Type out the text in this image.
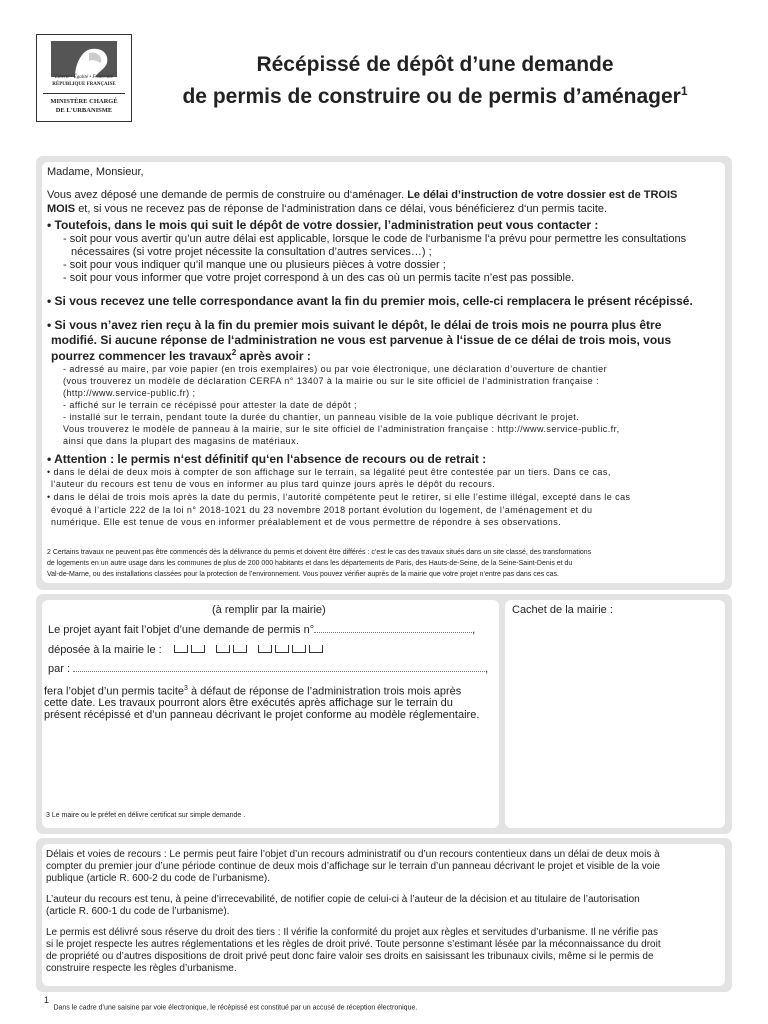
Liberté • Égalité • Fraternité
RÉPUBLIQUE FRANÇAISE
MINISTÈRE CHARGÉ
DE L'URBANISME
Récépissé de dépôt d’une demande
de permis de construire ou de permis d’aménager$^1$
Madame, Monsieur,
Vous avez déposé une demande de permis de construire ou d‘aménager. Le délai d’instruction de votre dossier est de TROIS
MOIS et, si vous ne recevez pas de réponse de l‘administration dans ce délai, vous bénéficierez d‘un permis tacite.
• Toutefois, dans le mois qui suit le dépôt de votre dossier, l’administration peut vous contacter :
- soit pour vous avertir qu’un autre délai est applicable, lorsque le code de l‘urbanisme l‘a prévu pour permettre les consultations
nécessaires (si votre projet nécessite la consultation d’autres services…) ;
- soit pour vous indiquer qu’il manque une ou plusieurs pièces à votre dossier ;
- soit pour vous informer que votre projet correspond à un des cas où un permis tacite n’est pas possible.
• Si vous recevez une telle correspondance avant la fin du premier mois, celle-ci remplacera le présent récépissé.
• Si vous n’avez rien reçu à la fin du premier mois suivant le dépôt, le délai de trois mois ne pourra plus être
modifié. Si aucune réponse de l‘administration ne vous est parvenue à l‘issue de ce délai de trois mois, vous
pourrez commencer les travaux$^2$ après avoir :
- adressé au maire, par voie papier (en trois exemplaires) ou par voie électronique, une déclaration d’ouverture de chantier
(vous trouverez un modèle de déclaration CERFA n° 13407 à la mairie ou sur le site officiel de l’administration française :
(http://www.service-public.fr) ;
- affiché sur le terrain ce récépissé pour attester la date de dépôt ;
- installé sur le terrain, pendant toute la durée du chantier, un panneau visible de la voie publique décrivant le projet.
Vous trouverez le modèle de panneau à la mairie, sur le site officiel de l’administration française : http://www.service-public.fr,
ainsi que dans la plupart des magasins de matériaux.
• Attention : le permis n‘est définitif qu‘en l‘absence de recours ou de retrait :
• dans le délai de deux mois à compter de son affichage sur le terrain, sa légalité peut être contestée par un tiers. Dans ce cas,
l‘auteur du recours est tenu de vous en informer au plus tard quinze jours après le dépôt du recours.
• dans le délai de trois mois après la date du permis, l‘autorité compétente peut le retirer, si elle l’estime illégal, excepté dans le cas
évoqué à l’article 222 de la loi n° 2018-1021 du 23 novembre 2018 portant évolution du logement, de l’aménagement et du
numérique. Elle est tenue de vous en informer préalablement et de vous permettre de répondre à ses observations.
2 Certains travaux ne peuvent pas être commencés dès la délivrance du permis et doivent être différés : c’est le cas des travaux situés dans un site classé, des transformations
de logements en un autre usage dans les communes de plus de 200 000 habitants et dans les départements de Paris, des Hauts-de-Seine, de la Seine-Saint-Denis et du
Val-de-Marne, ou des installations classées pour la protection de l’environnement. Vous pouvez vérifier auprès de la mairie que votre projet n’entre pas dans ces cas.
(à remplir par la mairie)
Le projet ayant fait l’objet d’une demande de permis n°	,
déposée à la mairie le :
par :	,
fera l’objet d’un permis tacite$^3$ à défaut de réponse de l’administration trois mois après
cette date. Les travaux pourront alors être exécutés après affichage sur le terrain du
présent récépissé et d’un panneau décrivant le projet conforme au modèle réglementaire.
3 Le maire ou le préfet en délivre certificat sur simple demande .
Cachet de la mairie :
Délais et voies de recours : Le permis peut faire l’objet d’un recours administratif ou d’un recours contentieux dans un délai de deux mois à
compter du premier jour d’une période continue de deux mois d’affichage sur le terrain d’un panneau décrivant le projet et visible de la voie
publique (article R. 600-2 du code de l’urbanisme).
L’auteur du recours est tenu, à peine d’irrecevabilité, de notifier copie de celui-ci à l’auteur de la décision et au titulaire de l’autorisation
(article R. 600-1 du code de l’urbanisme).
Le permis est délivré sous réserve du droit des tiers : Il vérifie la conformité du projet aux règles et servitudes d’urbanisme. Il ne vérifie pas
si le projet respecte les autres réglementations et les règles de droit privé. Toute personne s’estimant lésée par la méconnaissance du droit
de propriété ou d’autres dispositions de droit privé peut donc faire valoir ses droits en saisissant les tribunaux civils, même si le permis de
construire respecte les règles d’urbanisme.
$^1$ Dans le cadre d’une saisine par voie électronique, le récépissé est constitué par un accusé de réception électronique.
